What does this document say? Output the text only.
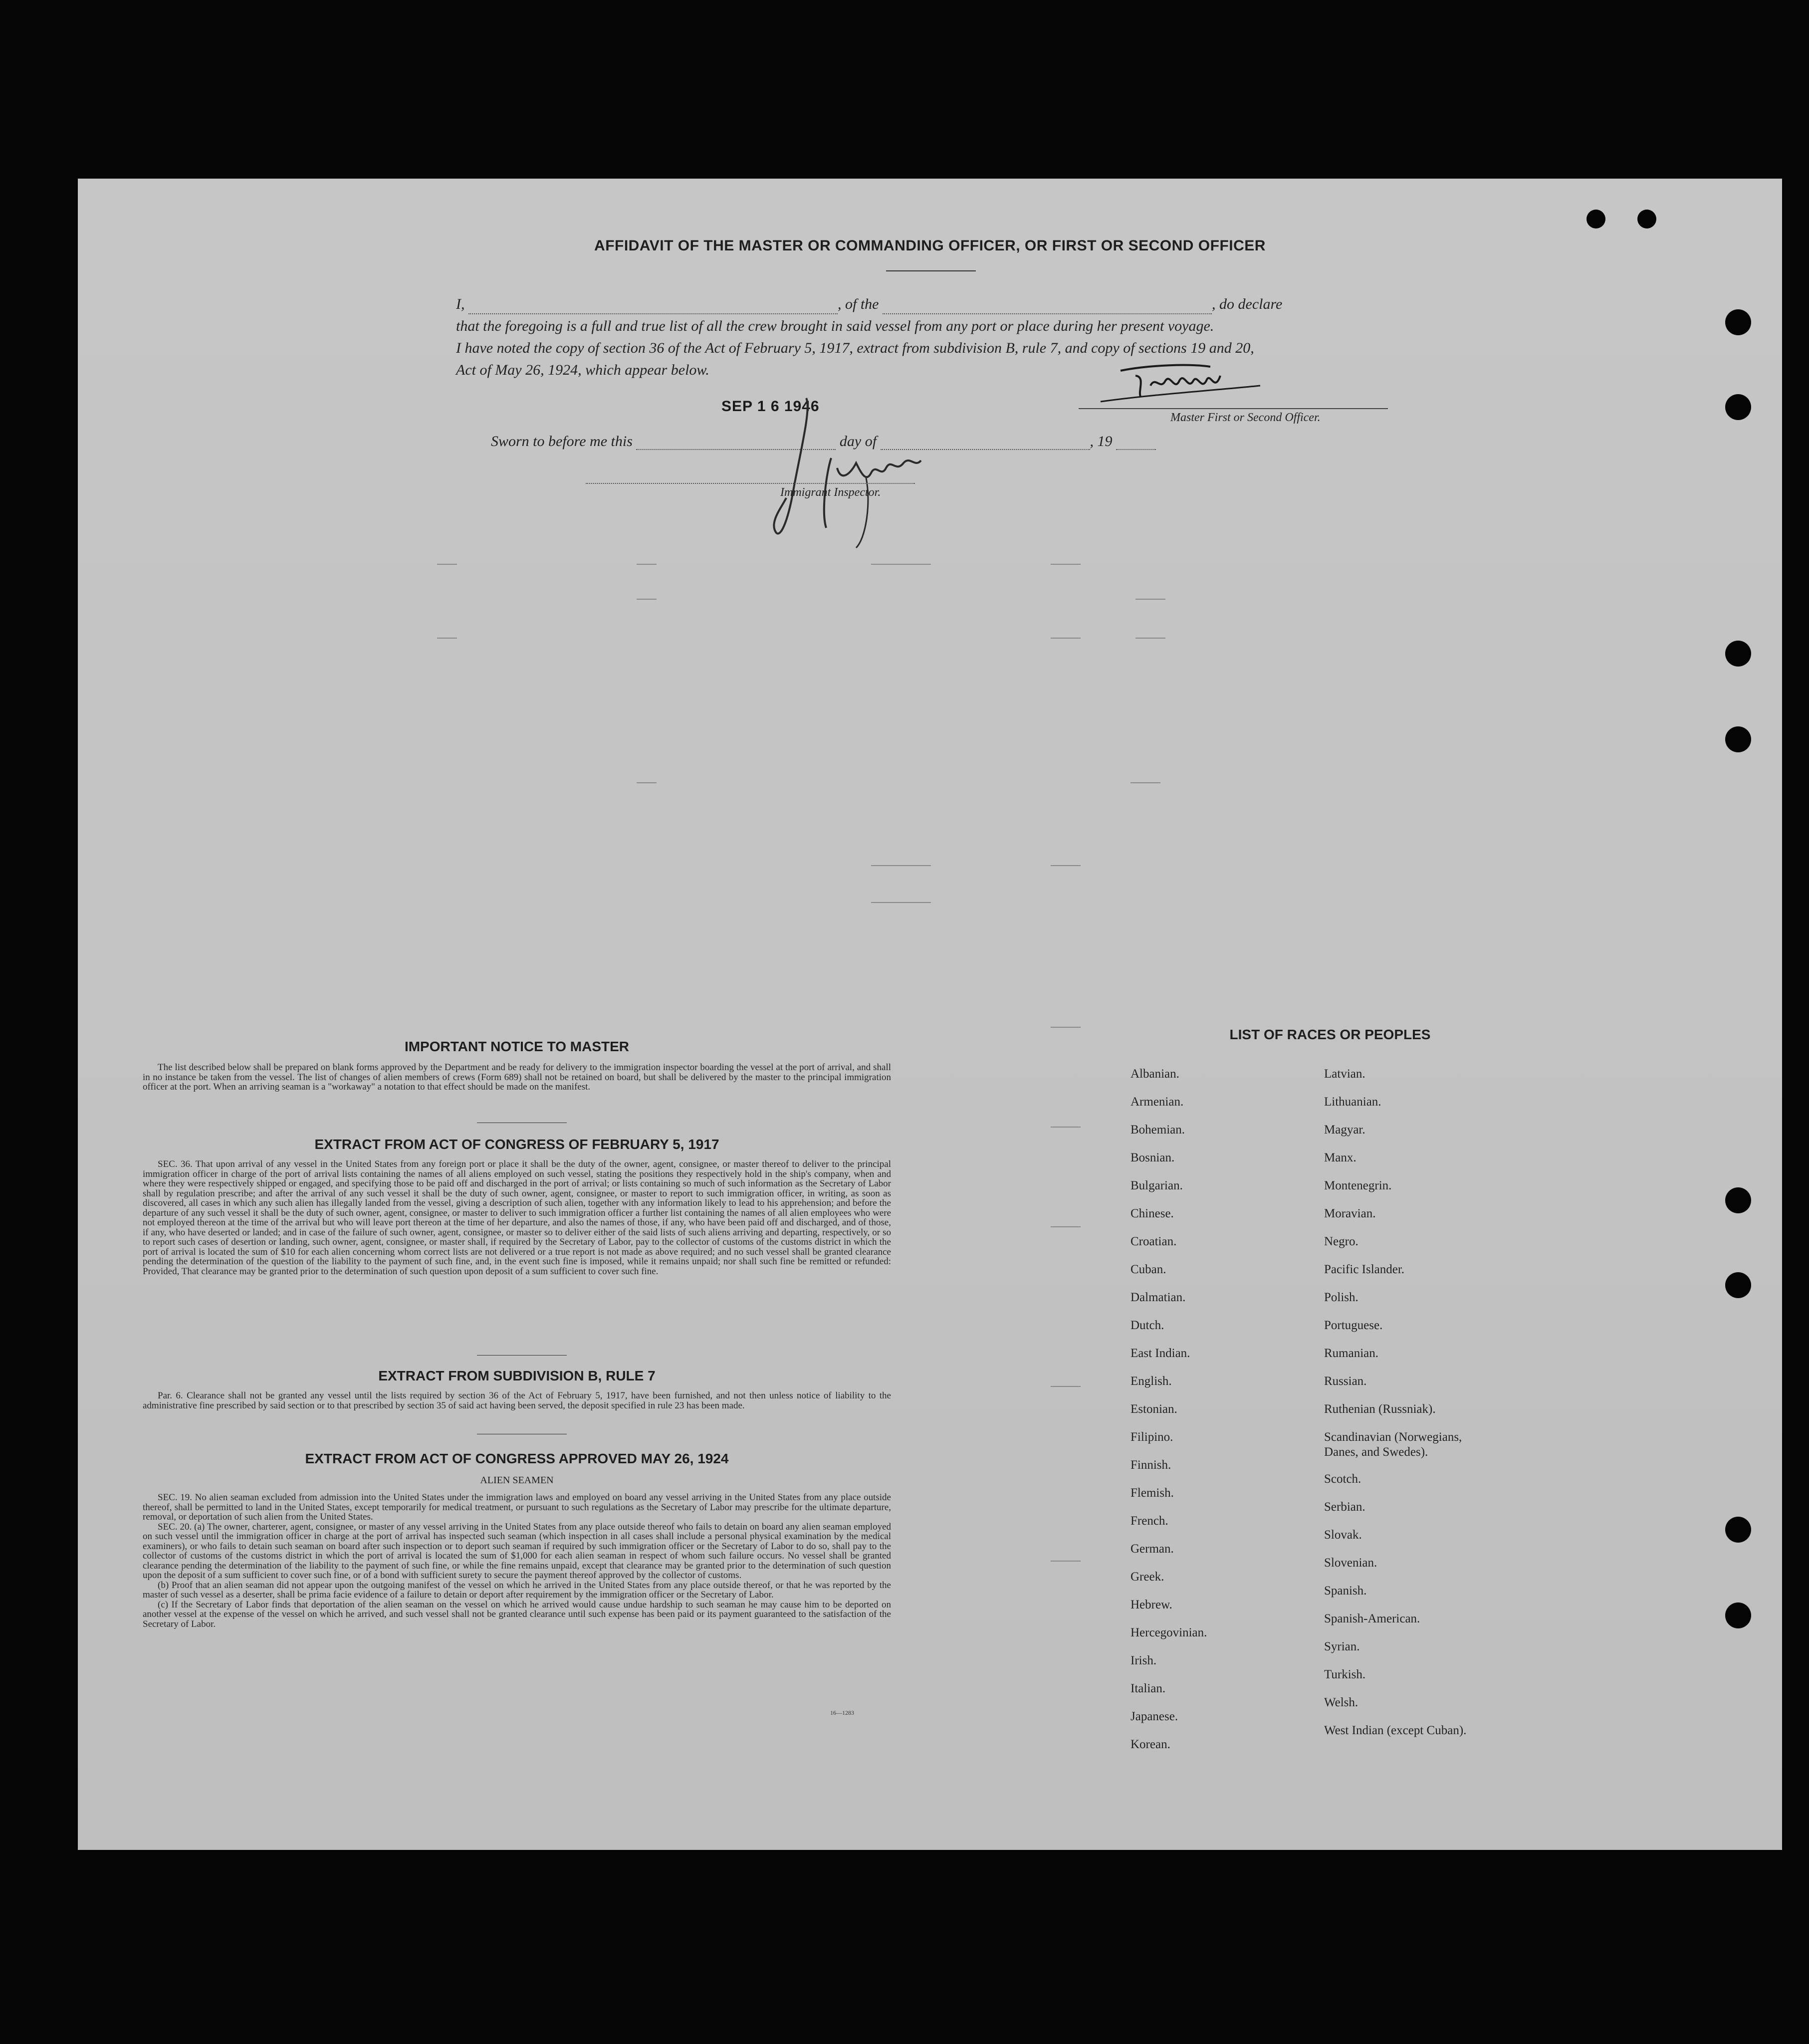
AFFIDAVIT OF THE MASTER OR COMMANDING OFFICER, OR FIRST OR SECOND OFFICER
I,	, of the	, do declare
that the foregoing is a full and true list of all the crew brought in said vessel from any port or place during her present voyage.
I have noted the copy of section 36 of the Act of February 5, 1917, extract from subdivision B, rule 7, and copy of sections 19 and 20,
Act of May 26, 1924, which appear below.
SEP 1 6 1946
Master First or Second Officer.
Sworn to before me this	day of	, 19
Immigrant Inspector.
IMPORTANT NOTICE TO MASTER

The list described below shall be prepared on blank forms approved by the Department and be ready for delivery to the immigration inspector boarding the vessel at the port of arrival, and shall in no instance be taken from the vessel. The list of changes of alien members of crews (Form 689) shall not be retained on board, but shall be delivered by the master to the principal immigration officer at the port. When an arriving seaman is a "workaway" a notation to that effect should be made on the manifest.

EXTRACT FROM ACT OF CONGRESS OF FEBRUARY 5, 1917

SEC. 36. That upon arrival of any vessel in the United States from any foreign port or place it shall be the duty of the owner, agent, consignee, or master thereof to deliver to the principal immigration officer in charge of the port of arrival lists containing the names of all aliens employed on such vessel, stating the positions they respectively hold in the ship's company, when and where they were respectively shipped or engaged, and specifying those to be paid off and discharged in the port of arrival; or lists containing so much of such information as the Secretary of Labor shall by regulation prescribe; and after the arrival of any such vessel it shall be the duty of such owner, agent, consignee, or master to report to such immigration officer, in writing, as soon as discovered, all cases in which any such alien has illegally landed from the vessel, giving a description of such alien, together with any information likely to lead to his apprehension; and before the departure of any such vessel it shall be the duty of such owner, agent, consignee, or master to deliver to such immigration officer a further list containing the names of all alien employees who were not employed thereon at the time of the arrival but who will leave port thereon at the time of her departure, and also the names of those, if any, who have been paid off and discharged, and of those, if any, who have deserted or landed; and in case of the failure of such owner, agent, consignee, or master so to deliver either of the said lists of such aliens arriving and departing, respectively, or so to report such cases of desertion or landing, such owner, agent, consignee, or master shall, if required by the Secretary of Labor, pay to the collector of customs of the customs district in which the port of arrival is located the sum of $10 for each alien concerning whom correct lists are not delivered or a true report is not made as above required; and no such vessel shall be granted clearance pending the determination of the question of the liability to the payment of such fine, and, in the event such fine is imposed, while it remains unpaid; nor shall such fine be remitted or refunded: Provided, That clearance may be granted prior to the determination of such question upon deposit of a sum sufficient to cover such fine.

EXTRACT FROM SUBDIVISION B, RULE 7

Par. 6. Clearance shall not be granted any vessel until the lists required by section 36 of the Act of February 5, 1917, have been furnished, and not then unless notice of liability to the administrative fine prescribed by said section or to that prescribed by section 35 of said act having been served, the deposit specified in rule 23 has been made.

EXTRACT FROM ACT OF CONGRESS APPROVED MAY 26, 1924
ALIEN SEAMEN

SEC. 19. No alien seaman excluded from admission into the United States under the immigration laws and employed on board any vessel arriving in the United States from any place outside thereof, shall be permitted to land in the United States, except temporarily for medical treatment, or pursuant to such regulations as the Secretary of Labor may prescribe for the ultimate departure, removal, or deportation of such alien from the United States.

SEC. 20. (a) The owner, charterer, agent, consignee, or master of any vessel arriving in the United States from any place outside thereof who fails to detain on board any alien seaman employed on such vessel until the immigration officer in charge at the port of arrival has inspected such seaman (which inspection in all cases shall include a personal physical examination by the medical examiners), or who fails to detain such seaman on board after such inspection or to deport such seaman if required by such immigration officer or the Secretary of Labor to do so, shall pay to the collector of customs of the customs district in which the port of arrival is located the sum of $1,000 for each alien seaman in respect of whom such failure occurs. No vessel shall be granted clearance pending the determination of the liability to the payment of such fine, or while the fine remains unpaid, except that clearance may be granted prior to the determination of such question upon the deposit of a sum sufficient to cover such fine, or of a bond with sufficient surety to secure the payment thereof approved by the collector of customs.

(b) Proof that an alien seaman did not appear upon the outgoing manifest of the vessel on which he arrived in the United States from any place outside thereof, or that he was reported by the master of such vessel as a deserter, shall be prima facie evidence of a failure to detain or deport after requirement by the immigration officer or the Secretary of Labor.

(c) If the Secretary of Labor finds that deportation of the alien seaman on the vessel on which he arrived would cause undue hardship to such seaman he may cause him to be deported on another vessel at the expense of the vessel on which he arrived, and such vessel shall not be granted clearance until such expense has been paid or its payment guaranteed to the satisfaction of the Secretary of Labor.

16—1283
LIST OF RACES OR PEOPLES
Albanian.
Armenian.
Bohemian.
Bosnian.
Bulgarian.
Chinese.
Croatian.
Cuban.
Dalmatian.
Dutch.
East Indian.
English.
Estonian.
Filipino.
Finnish.
Flemish.
French.
German.
Greek.
Hebrew.
Hercegovinian.
Irish.
Italian.
Japanese.
Korean.
Latvian.
Lithuanian.
Magyar.
Manx.
Montenegrin.
Moravian.
Negro.
Pacific Islander.
Polish.
Portuguese.
Rumanian.
Russian.
Ruthenian (Russniak).
Scandinavian (Norwegians,
Danes, and Swedes).
Scotch.
Serbian.
Slovak.
Slovenian.
Spanish.
Spanish-American.
Syrian.
Turkish.
Welsh.
West Indian (except Cuban).
